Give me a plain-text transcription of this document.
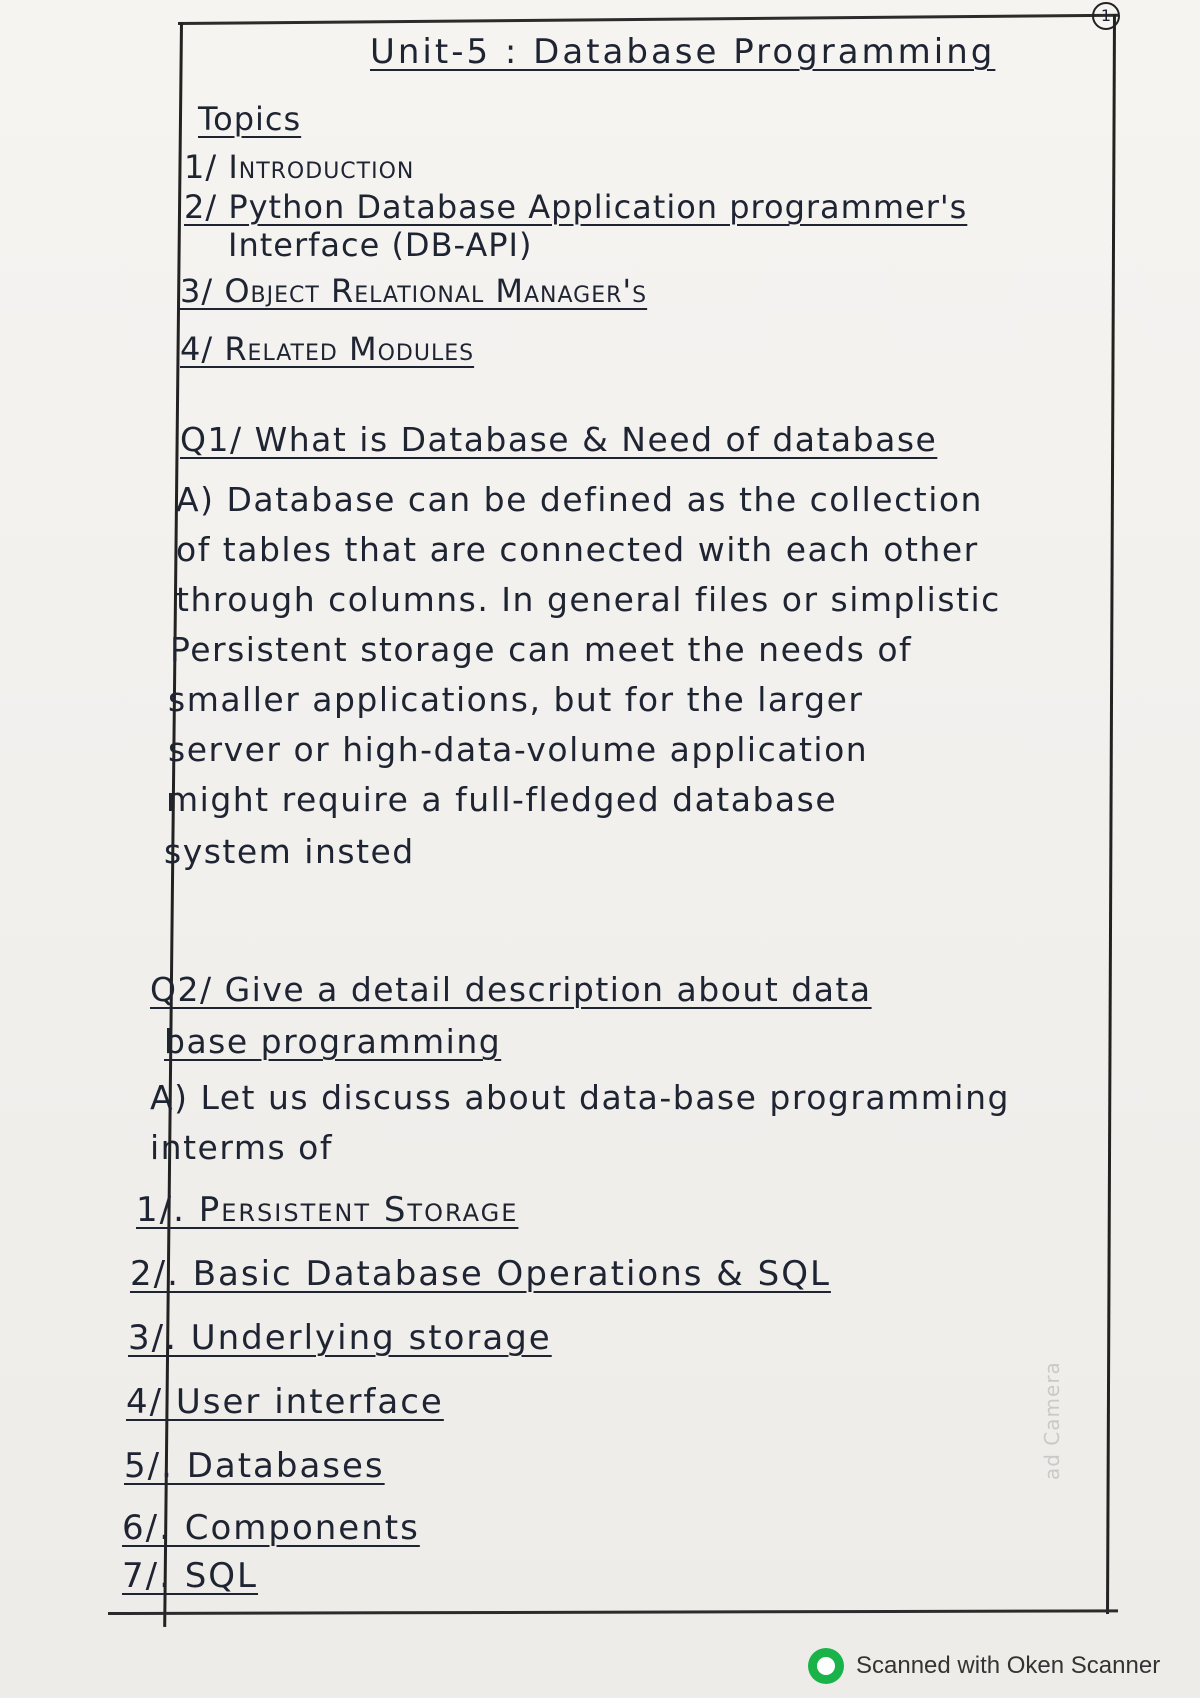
1
Unit-5 : Database Programming
Topics
1/ Introduction
2/ Python Database Application programmer's
Interface (DB-API)
3/ Object Relational Manager's
4/ Related Modules
Q1/ What is Database & Need of database
A) Database can be defined as the collection
of tables that are connected with each other
through columns. In general files or simplistic
Persistent storage can meet the needs of
smaller applications, but for the larger
server or high-data-volume application
might require a full-fledged database
system insted
Q2/ Give a detail description about data
base programming
A) Let us discuss about data-base programming
interms of
1/. Persistent Storage
2/. Basic Database Operations & SQL
3/. Underlying storage
4/ User interface
5/. Databases
6/. Components
7/. SQL
ad Camera
Scanned with Oken Scanner
